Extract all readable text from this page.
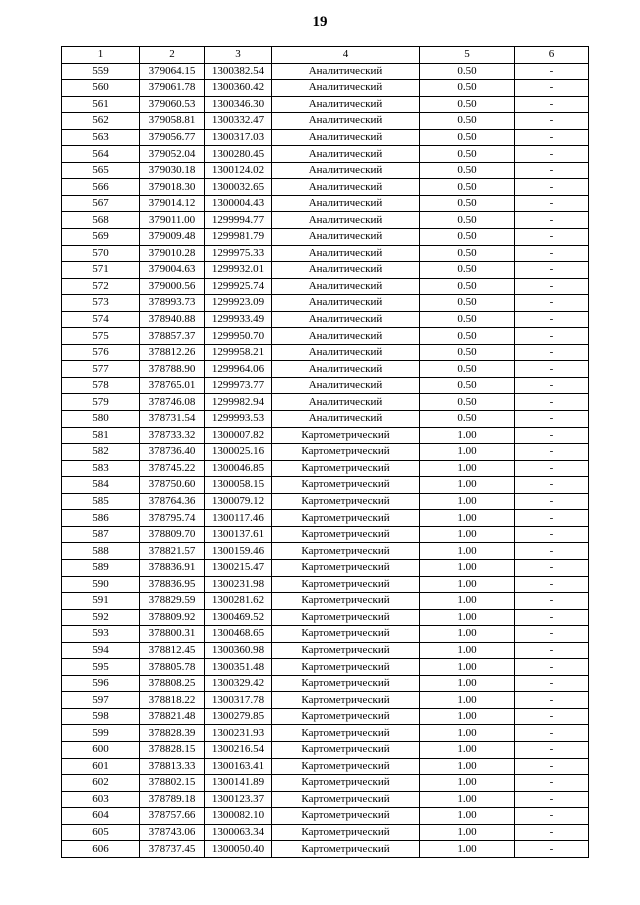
19
1	2	3	4	5	6
559	379064.15	1300382.54	Аналитический	0.50	-
560	379061.78	1300360.42	Аналитический	0.50	-
561	379060.53	1300346.30	Аналитический	0.50	-
562	379058.81	1300332.47	Аналитический	0.50	-
563	379056.77	1300317.03	Аналитический	0.50	-
564	379052.04	1300280.45	Аналитический	0.50	-
565	379030.18	1300124.02	Аналитический	0.50	-
566	379018.30	1300032.65	Аналитический	0.50	-
567	379014.12	1300004.43	Аналитический	0.50	-
568	379011.00	1299994.77	Аналитический	0.50	-
569	379009.48	1299981.79	Аналитический	0.50	-
570	379010.28	1299975.33	Аналитический	0.50	-
571	379004.63	1299932.01	Аналитический	0.50	-
572	379000.56	1299925.74	Аналитический	0.50	-
573	378993.73	1299923.09	Аналитический	0.50	-
574	378940.88	1299933.49	Аналитический	0.50	-
575	378857.37	1299950.70	Аналитический	0.50	-
576	378812.26	1299958.21	Аналитический	0.50	-
577	378788.90	1299964.06	Аналитический	0.50	-
578	378765.01	1299973.77	Аналитический	0.50	-
579	378746.08	1299982.94	Аналитический	0.50	-
580	378731.54	1299993.53	Аналитический	0.50	-
581	378733.32	1300007.82	Картометрический	1.00	-
582	378736.40	1300025.16	Картометрический	1.00	-
583	378745.22	1300046.85	Картометрический	1.00	-
584	378750.60	1300058.15	Картометрический	1.00	-
585	378764.36	1300079.12	Картометрический	1.00	-
586	378795.74	1300117.46	Картометрический	1.00	-
587	378809.70	1300137.61	Картометрический	1.00	-
588	378821.57	1300159.46	Картометрический	1.00	-
589	378836.91	1300215.47	Картометрический	1.00	-
590	378836.95	1300231.98	Картометрический	1.00	-
591	378829.59	1300281.62	Картометрический	1.00	-
592	378809.92	1300469.52	Картометрический	1.00	-
593	378800.31	1300468.65	Картометрический	1.00	-
594	378812.45	1300360.98	Картометрический	1.00	-
595	378805.78	1300351.48	Картометрический	1.00	-
596	378808.25	1300329.42	Картометрический	1.00	-
597	378818.22	1300317.78	Картометрический	1.00	-
598	378821.48	1300279.85	Картометрический	1.00	-
599	378828.39	1300231.93	Картометрический	1.00	-
600	378828.15	1300216.54	Картометрический	1.00	-
601	378813.33	1300163.41	Картометрический	1.00	-
602	378802.15	1300141.89	Картометрический	1.00	-
603	378789.18	1300123.37	Картометрический	1.00	-
604	378757.66	1300082.10	Картометрический	1.00	-
605	378743.06	1300063.34	Картометрический	1.00	-
606	378737.45	1300050.40	Картометрический	1.00	-
